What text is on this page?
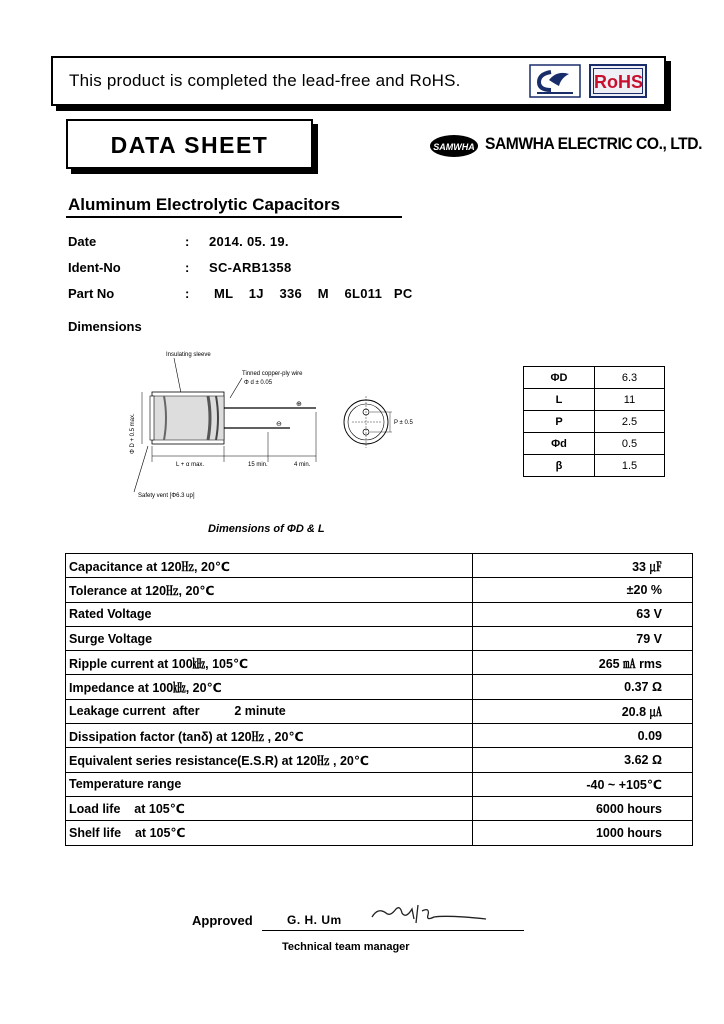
This product is completed the lead-free and RoHS.	RoHS
DATA SHEET	SAMWHA SAMWHA ELECTRIC CO., LTD.
Aluminum Electrolytic Capacitors
Date	: 2014. 05. 19.
Ident-No	: SC-ARB1358
Part No	: ML    1J    336    M    6L011   PC
Dimensions
Insulating sleeve
Tinned copper-ply wire
Φ d ± 0.05
P ± 0.5
L + α max.	15 min.	4 min.
Safety vent [Φ6.3 up]
Φ D + 0.5 max.
⊕
⊖
ΦD	6.3
L	11
P	2.5
Φd	0.5
β	1.5
Dimensions of ΦD & L
Capacitance at 120㎐, 20℃	33 ㎌
Tolerance at 120㎐, 20℃	±20 %
Rated Voltage	63 V
Surge Voltage	79 V
Ripple current at 100㎑, 105℃	265 ㎃ rms
Impedance at 100㎑, 20℃	0.37 Ω
Leakage current  after          2 minute	20.8 ㎂
Dissipation factor (tanδ) at 120㎐ , 20℃	0.09
Equivalent series resistance(E.S.R) at 120㎐ , 20℃	3.62 Ω
Temperature range	-40 ~ +105℃
Load life    at 105℃	6000 hours
Shelf life    at 105℃	1000 hours
Approved	G. H. Um
Technical team manager
